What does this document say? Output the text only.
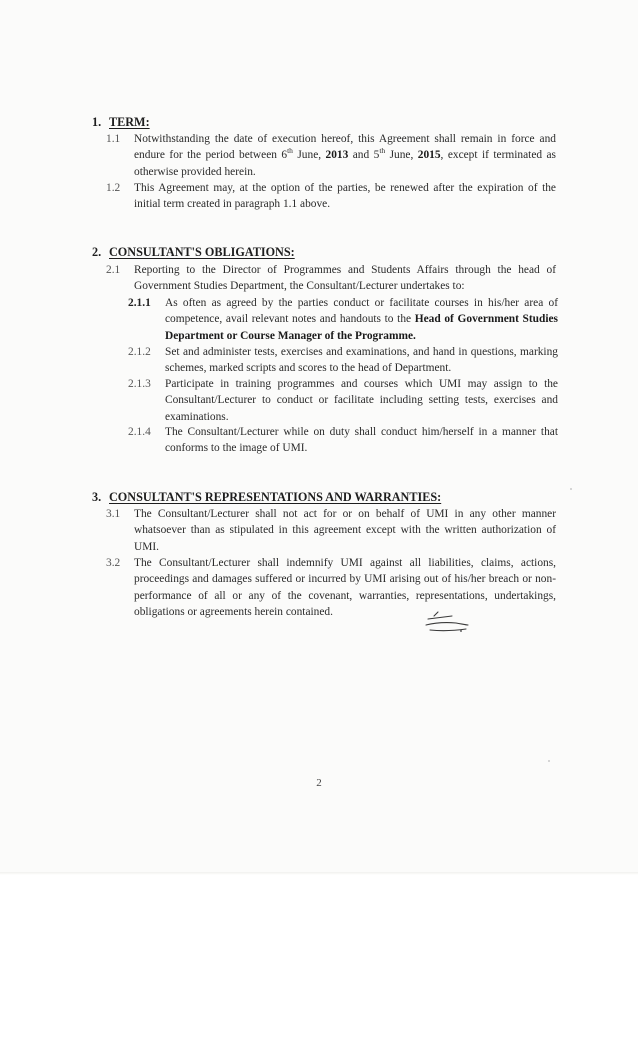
1. TERM:
1.1 Notwithstanding the date of execution hereof, this Agreement shall remain in force and endure for the period between 6th June, 2013 and 5th June, 2015, except if terminated as otherwise provided herein.
1.2 This Agreement may, at the option of the parties, be renewed after the expiration of the initial term created in paragraph 1.1 above.
2. CONSULTANT'S OBLIGATIONS:
2.1 Reporting to the Director of Programmes and Students Affairs through the head of Government Studies Department, the Consultant/Lecturer undertakes to:
2.1.1 As often as agreed by the parties conduct or facilitate courses in his/her area of competence, avail relevant notes and handouts to the Head of Government Studies Department or Course Manager of the Programme.
2.1.2 Set and administer tests, exercises and examinations, and hand in questions, marking schemes, marked scripts and scores to the head of Department.
2.1.3 Participate in training programmes and courses which UMI may assign to the Consultant/Lecturer to conduct or facilitate including setting tests, exercises and examinations.
2.1.4 The Consultant/Lecturer while on duty shall conduct him/herself in a manner that conforms to the image of UMI.
3. CONSULTANT'S REPRESENTATIONS AND WARRANTIES:
3.1 The Consultant/Lecturer shall not act for or on behalf of UMI in any other manner whatsoever than as stipulated in this agreement except with the written authorization of UMI.
3.2 The Consultant/Lecturer shall indemnify UMI against all liabilities, claims, actions, proceedings and damages suffered or incurred by UMI arising out of his/her breach or non-performance of all or any of the covenant, warranties, representations, undertakings, obligations or agreements herein contained.
2
